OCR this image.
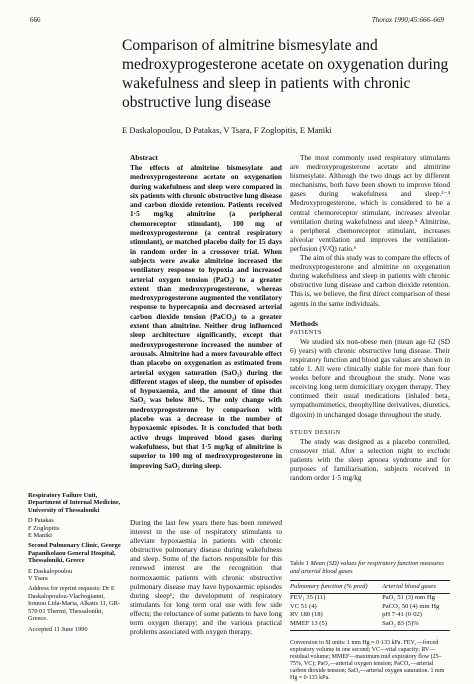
666	Thorax 1990;45:666–669
Comparison of almitrine bismesylate and medroxyprogesterone acetate on oxygenation during wakefulness and sleep in patients with chronic obstructive lung disease
E Daskalopoulou, D Patakas, V Tsara, F Zoglopitis, E Maniki
Abstract

The effects of almitrine bismesylate and medroxyprogesterone acetate on oxygenation during wakefulness and sleep were compared in six patients with chronic obstructive lung disease and carbon dioxide retention. Patients received 1·5 mg/kg almitrine (a peripheral chemoreceptor stimulant), 100 mg of medroxyprogesterone (a central respiratory stimulant), or matched placebo daily for 15 days in random order in a crossover trial. When subjects were awake almitrine increased the ventilatory response to hypoxia and increased arterial oxygen tension (PaO₂) to a greater extent than medroxyprogesterone, whereas medroxyprogesterone augmented the ventilatory response to hypercapnia and decreased arterial carbon dioxide tension (PaCO₂) to a greater extent than almitrine. Neither drug influenced sleep architecture significantly, except that medroxyprogesterone increased the number of arousals. Almitrine had a more favourable effect than placebo on oxygenation as estimated from arterial oxygen saturation (SaO₂) during the different stages of sleep, the number of episodes of hypoxaemia, and the amount of time that SaO₂ was below 80%. The only change with medroxyprogesterone by comparison with placebo was a decrease in the number of hypoxaemic episodes. It is concluded that both active drugs improved blood gases during wakefulness, but that 1·5 mg/kg of almitrine is superior to 100 mg of medroxyprogesterone in improving SaO₂ during sleep.

During the last few years there has been renewed interest in the use of respiratory stimulants to alleviate hypoxaemia in patients with chronic obstructive pulmonary disease during wakefulness and sleep. Some of the factors responsible for this renewed interest are the recognition that normoxaemic patients with chronic obstructive pulmonary disease may have hypoxaemic episodes during sleep¹; the development of respiratory stimulants for long term oral use with few side effects; the reluctance of some patients to have long term oxygen therapy; and the various practical problems associated with oxygen therapy.

Respiratory Failure Unit, Department of Internal Medicine, University of Thessaloniki

D Patakas
F Zoglopitis
E Maniki

Second Pulmonary Clinic, George Papanikolaou General Hospital, Thessaloniki, Greece

E Daskalopoulou
V Tsara

Address for reprint requests: Dr E Daskalopoulou-Vlachogianni, Ionnou Lida-Maria, Alkatis 11, GR-570 01 Thermi, Thessaloniki, Greece.

Accepted 11 June 1990

The most commonly used respiratory stimulants are medroxyprogesterone acetate and almitrine bismesylate. Although the two drugs act by different mechanisms, both have been shown to improve blood gases during wakefulness and sleep.²⁻⁴ Medroxyprogesterone, which is considered to be a central chemoreceptor stimulant, increases alveolar ventilation during wakefulness and sleep.⁵ Almitrine, a peripheral chemoreceptor stimulant, increases alveolar ventilation and improves the ventilation-perfusion (V̇/Q̇) ratio.⁶

The aim of this study was to compare the effects of medroxyprogesterone and almitrine on oxygenation during wakefulness and sleep in patients with chronic obstructive lung disease and carbon dioxide retention. This is, we believe, the first direct comparison of these agents in the same individuals.

Methods

PATIENTS

We studied six non-obese men (mean age 62 (SD 6) years) with chronic obstructive lung disease. Their respiratory function and blood gas values are shown in table 1. All were clinically stable for more than four weeks before and throughout the study. None was receiving long term domiciliary oxygen therapy. They continued their usual medications (inhaled beta₂ sympathomimetics, theophylline derivatives, diuretics, digoxin) in unchanged dosage throughout the study.

STUDY DESIGN

The study was designed as a placebo controlled, crossover trial. After a selection night to exclude patients with the sleep apnoea syndrome and for purposes of familiarisation, subjects received in random order 1·5 mg/kg

Table 1 Mean (SD) values for respiratory function measures and arterial blood gases
Pulmonary function (% pred)	Arterial blood gases
FEV₁ 35 (11)	PaO₂ 51 (3) mm Hg
VC 51 (4)	PaCO₂ 50 (4) mm Hg
RV 180 (18)	pH 7·41 (0·02)
MMEF 13 (5)	SaO₂ 83 (5)%
Conversion to SI units: 1 mm Hg ≈ 0·133 kPa. FEV₁—forced expiratory volume in one second; VC—vital capacity; RV—residual volume; MMEF—maximum mid expiratory flow (25–75%, VC); PaO₂—arterial oxygen tension; PaCO₂—arterial carbon dioxide tension; SaO₂—arterial oxygen saturation. 1 mm Hg ≈ 0·133 kPa.
